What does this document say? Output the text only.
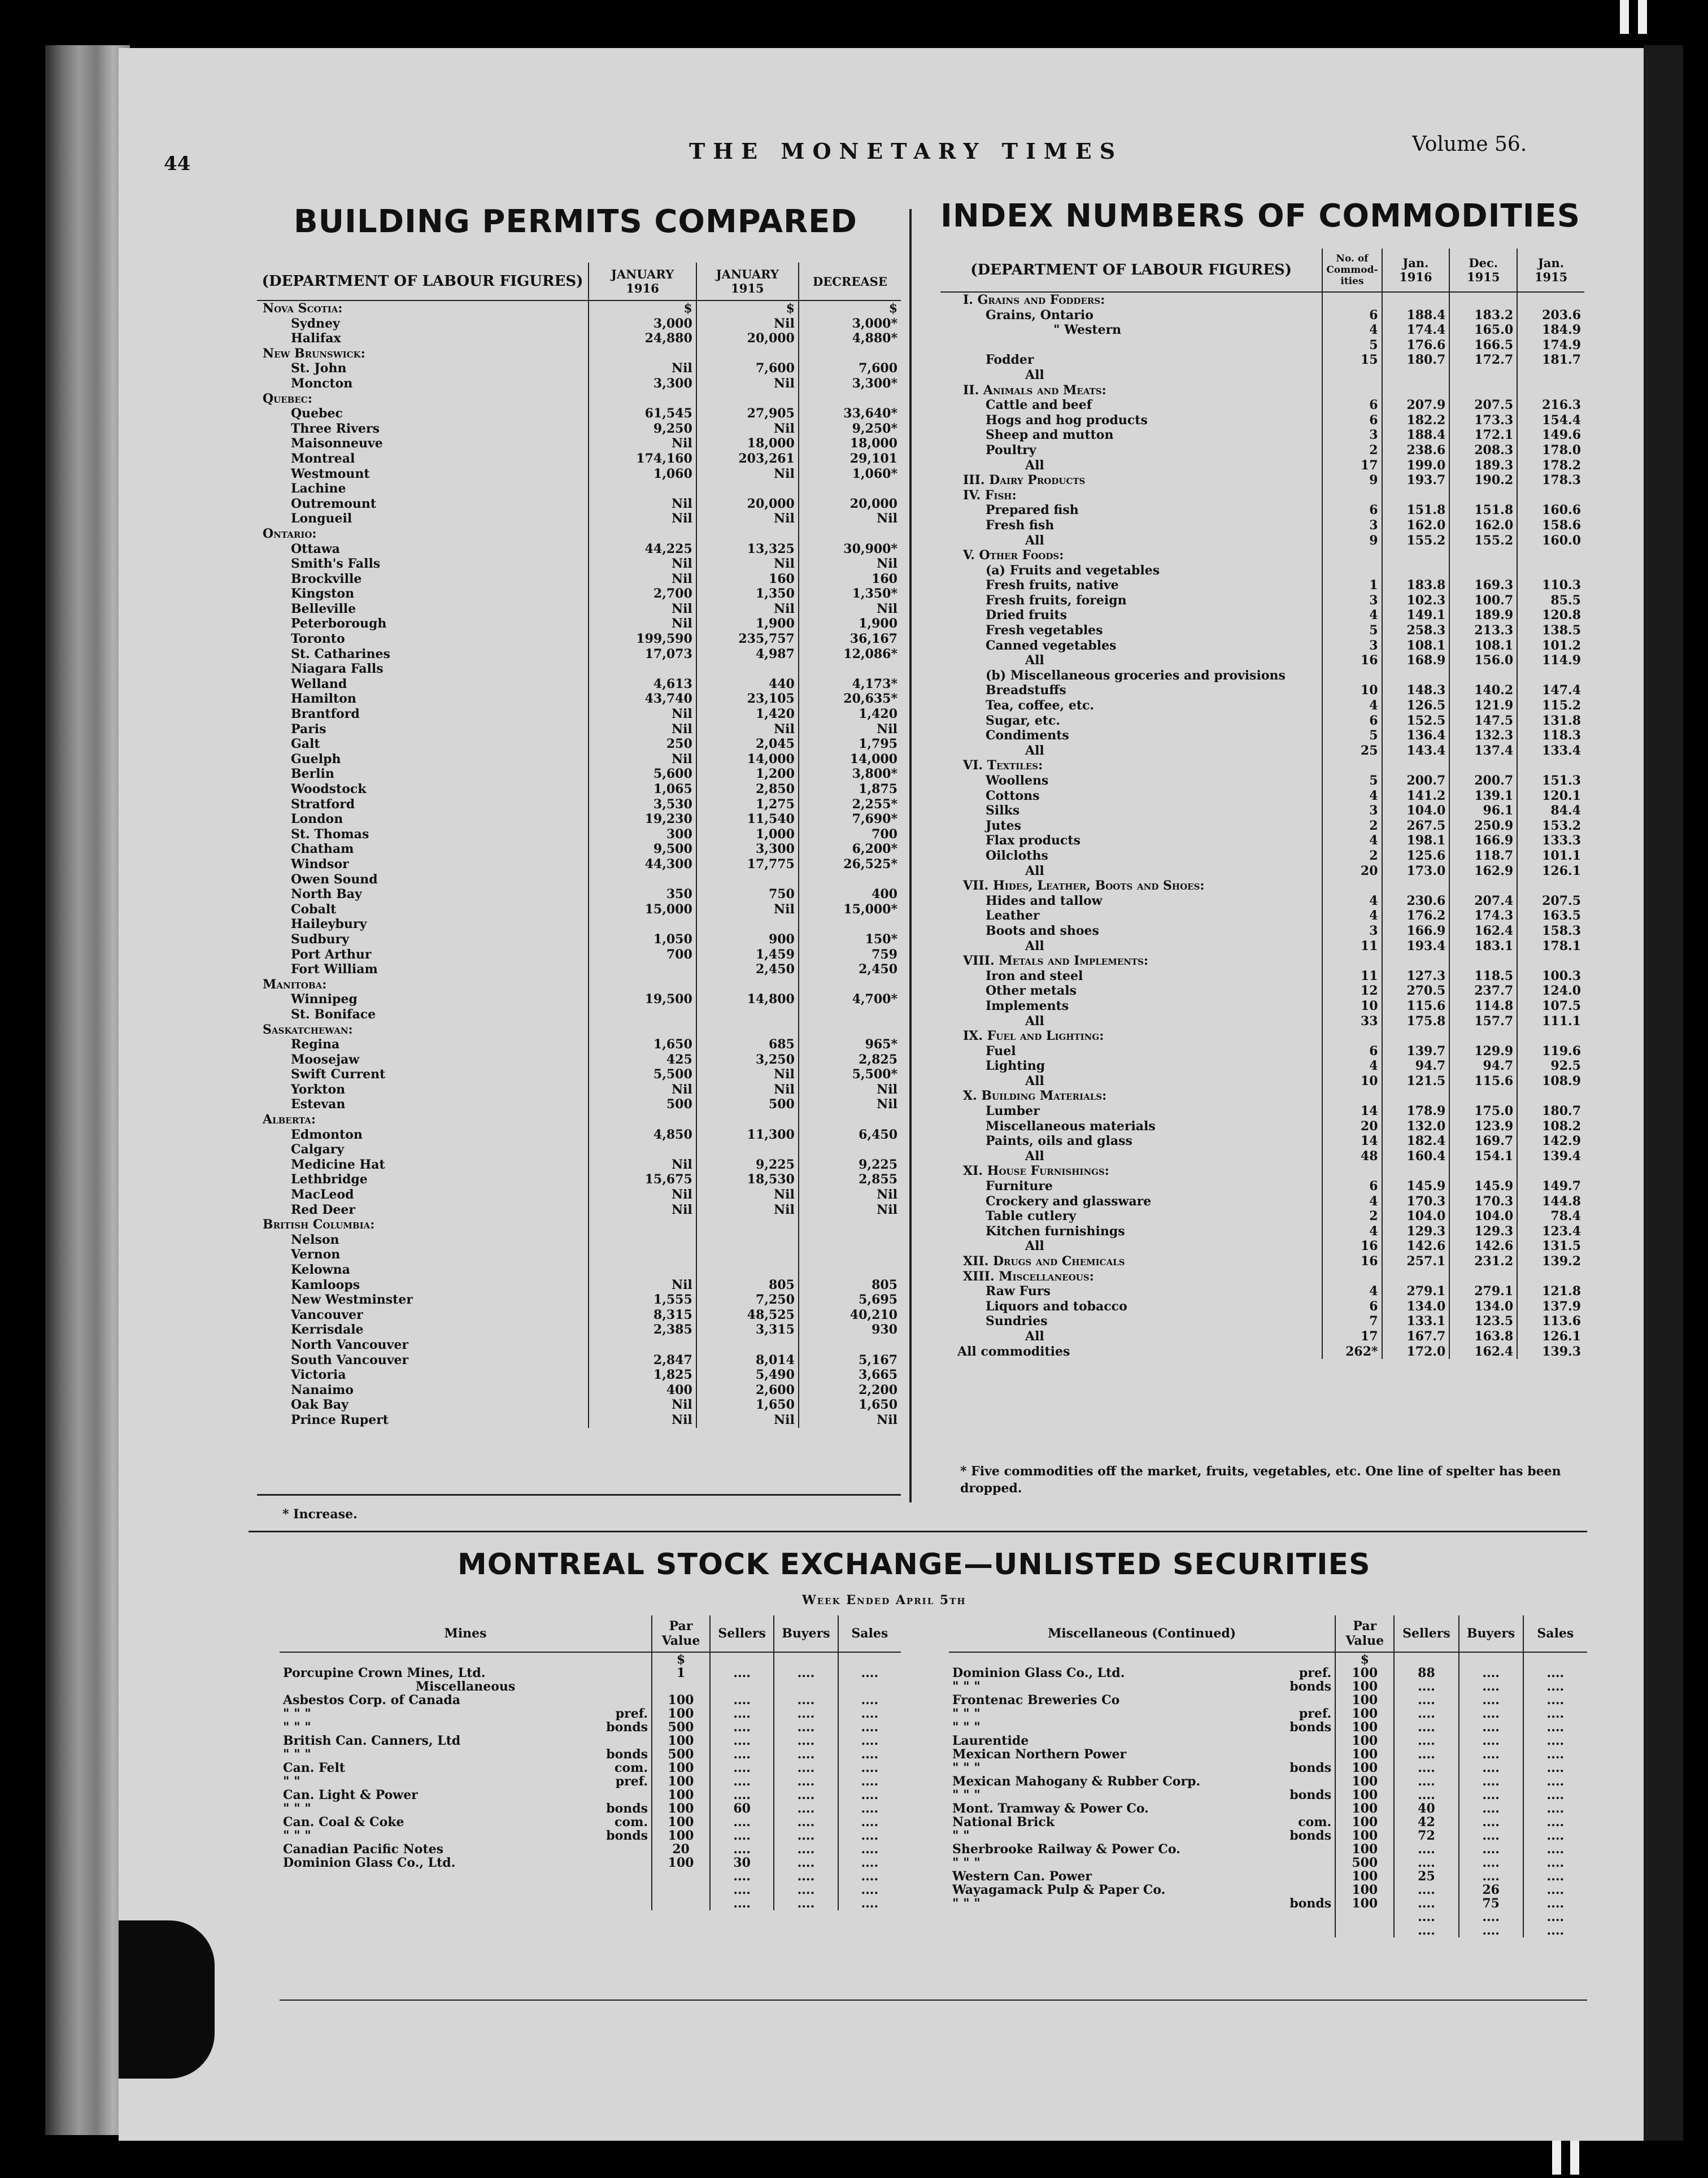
44	THE MONETARY TIMES	Volume 56.
BUILDING PERMITS COMPARED
(DEPARTMENT OF LABOUR FIGURES)	JANUARY 1916	JANUARY 1915	DECREASE
Nova Scotia:	$	$	$
Sydney	3,000	Nil	3,000*
Halifax	24,880	20,000	4,880*
New Brunswick:			
St. John	Nil	7,600	7,600
Moncton	3,300	Nil	3,300*
Quebec:			
Quebec	61,545	27,905	33,640*
Three Rivers	9,250	Nil	9,250*
Maisonneuve	Nil	18,000	18,000
Montreal	174,160	203,261	29,101
Westmount	1,060	Nil	1,060*
Lachine			
Outremount	Nil	20,000	20,000
Longueil	Nil	Nil	Nil
Ontario:			
Ottawa	44,225	13,325	30,900*
Smith's Falls	Nil	Nil	Nil
Brockville	Nil	160	160
Kingston	2,700	1,350	1,350*
Belleville	Nil	Nil	Nil
Peterborough	Nil	1,900	1,900
Toronto	199,590	235,757	36,167
St. Catharines	17,073	4,987	12,086*
Niagara Falls			
Welland	4,613	440	4,173*
Hamilton	43,740	23,105	20,635*
Brantford	Nil	1,420	1,420
Paris	Nil	Nil	Nil
Galt	250	2,045	1,795
Guelph	Nil	14,000	14,000
Berlin	5,600	1,200	3,800*
Woodstock	1,065	2,850	1,875
Stratford	3,530	1,275	2,255*
London	19,230	11,540	7,690*
St. Thomas	300	1,000	700
Chatham	9,500	3,300	6,200*
Windsor	44,300	17,775	26,525*
Owen Sound			
North Bay	350	750	400
Cobalt	15,000	Nil	15,000*
Haileybury			
Sudbury	1,050	900	150*
Port Arthur	700	1,459	759
Fort William		2,450	2,450
Manitoba:			
Winnipeg	19,500	14,800	4,700*
St. Boniface			
Saskatchewan:			
Regina	1,650	685	965*
Moosejaw	425	3,250	2,825
Swift Current	5,500	Nil	5,500*
Yorkton	Nil	Nil	Nil
Estevan	500	500	Nil
Alberta:			
Edmonton	4,850	11,300	6,450
Calgary			
Medicine Hat	Nil	9,225	9,225
Lethbridge	15,675	18,530	2,855
MacLeod	Nil	Nil	Nil
Red Deer	Nil	Nil	Nil
British Columbia:			
Nelson			
Vernon			
Kelowna			
Kamloops	Nil	805	805
New Westminster	1,555	7,250	5,695
Vancouver	8,315	48,525	40,210
Kerrisdale	2,385	3,315	930
North Vancouver			
South Vancouver	2,847	8,014	5,167
Victoria	1,825	5,490	3,665
Nanaimo	400	2,600	2,200
Oak Bay	Nil	1,650	1,650
Prince Rupert	Nil	Nil	Nil
* Increase.
INDEX NUMBERS OF COMMODITIES
(DEPARTMENT OF LABOUR FIGURES)	No. of Commod-ities	Jan. 1916	Dec. 1915	Jan. 1915
I. Grains and Fodders:				
Grains, Ontario	6	188.4	183.2	203.6
" Western	4	174.4	165.0	184.9
	5	176.6	166.5	174.9
Fodder	15	180.7	172.7	181.7
All				
II. Animals and Meats:				
Cattle and beef	6	207.9	207.5	216.3
Hogs and hog products	6	182.2	173.3	154.4
Sheep and mutton	3	188.4	172.1	149.6
Poultry	2	238.6	208.3	178.0
All	17	199.0	189.3	178.2
III. Dairy Products	9	193.7	190.2	178.3
IV. Fish:				
Prepared fish	6	151.8	151.8	160.6
Fresh fish	3	162.0	162.0	158.6
All	9	155.2	155.2	160.0
V. Other Foods:				
(a) Fruits and vegetables				
Fresh fruits, native	1	183.8	169.3	110.3
Fresh fruits, foreign	3	102.3	100.7	85.5
Dried fruits	4	149.1	189.9	120.8
Fresh vegetables	5	258.3	213.3	138.5
Canned vegetables	3	108.1	108.1	101.2
All	16	168.9	156.0	114.9
(b) Miscellaneous groceries and provisions				
Breadstuffs	10	148.3	140.2	147.4
Tea, coffee, etc.	4	126.5	121.9	115.2
Sugar, etc.	6	152.5	147.5	131.8
Condiments	5	136.4	132.3	118.3
All	25	143.4	137.4	133.4
VI. Textiles:				
Woollens	5	200.7	200.7	151.3
Cottons	4	141.2	139.1	120.1
Silks	3	104.0	96.1	84.4
Jutes	2	267.5	250.9	153.2
Flax products	4	198.1	166.9	133.3
Oilcloths	2	125.6	118.7	101.1
All	20	173.0	162.9	126.1
VII. Hides, Leather, Boots and Shoes:				
Hides and tallow	4	230.6	207.4	207.5
Leather	4	176.2	174.3	163.5
Boots and shoes	3	166.9	162.4	158.3
All	11	193.4	183.1	178.1
VIII. Metals and Implements:				
Iron and steel	11	127.3	118.5	100.3
Other metals	12	270.5	237.7	124.0
Implements	10	115.6	114.8	107.5
All	33	175.8	157.7	111.1
IX. Fuel and Lighting:				
Fuel	6	139.7	129.9	119.6
Lighting	4	94.7	94.7	92.5
All	10	121.5	115.6	108.9
X. Building Materials:				
Lumber	14	178.9	175.0	180.7
Miscellaneous materials	20	132.0	123.9	108.2
Paints, oils and glass	14	182.4	169.7	142.9
All	48	160.4	154.1	139.4
XI. House Furnishings:				
Furniture	6	145.9	145.9	149.7
Crockery and glassware	4	170.3	170.3	144.8
Table cutlery	2	104.0	104.0	78.4
Kitchen furnishings	4	129.3	129.3	123.4
All	16	142.6	142.6	131.5
XII. Drugs and Chemicals	16	257.1	231.2	139.2
XIII. Miscellaneous:				
Raw Furs	4	279.1	279.1	121.8
Liquors and tobacco	6	134.0	134.0	137.9
Sundries	7	133.1	123.5	113.6
All	17	167.7	163.8	126.1

All commodities	262*	172.0	162.4	139.3
* Five commodities off the market, fruits, vegetables, etc. One line of spelter has been dropped.
MONTREAL STOCK EXCHANGE—UNLISTED SECURITIES
Week Ended April 5th
Mines	Par Value	Sellers	Buyers	Sales

	$			
Porcupine Crown Mines, Ltd.	1	....	....	....
Miscellaneous

Asbestos Corp. of Canada	100	....	....	....
" " " pref.	100	....	....	....
" " " bonds	500	....	....	....
British Can. Canners, Ltd	100	....	....	....
" " " bonds	500	....	....	....
Can. Felt com.	100	....	....	....
" " pref.	100	....	....	....
Can. Light & Power	100	....	....	....
" " " bonds	100	60	....	....
Can. Coal & Coke com.	100	....	....	....
" " " bonds	100	....	....	....
Canadian Pacific Notes	20	....	....	....
Dominion Glass Co., Ltd.	100	30	....	....

		....	....	....

		....	....	....

		....	....	....
Miscellaneous (Continued)	Par Value	Sellers	Buyers	Sales

	$			
Dominion Glass Co., Ltd. pref.	100	88	....	....
" " " bonds	100	....	....	....
Frontenac Breweries Co	100	....	....	....
" " " pref.	100	....	....	....
" " " bonds	100	....	....	....
Laurentide	100	....	....	....
Mexican Northern Power	100	....	....	....
" " " bonds	100	....	....	....
Mexican Mahogany & Rubber Corp.	100	....	....	....
" " " bonds	100	....	....	....
Mont. Tramway & Power Co.	100	40	....	....
National Brick com.	100	42	....	....
" " bonds	100	72	....	....
Sherbrooke Railway & Power Co.	100	....	....	....
" " "	500	....	....	....
Western Can. Power	100	25	....	....
Wayagamack Pulp & Paper Co.	100	....	26	....
" " " bonds	100	....	75	....

		....	....	....

		....	....	....
